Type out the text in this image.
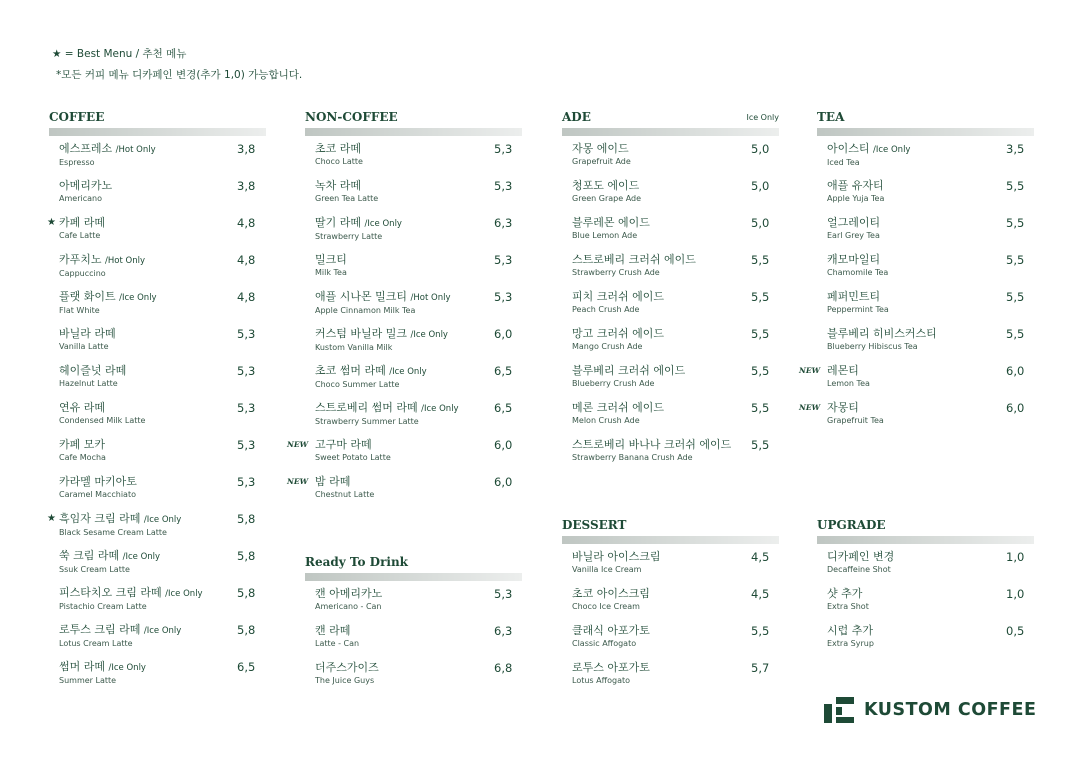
★ = Best Menu / 추천 메뉴
*모든 커피 메뉴 디카페인 변경(추가 1,0) 가능합니다.
COFFEE
에스프레소 /Hot Only
Espresso
3,8
아메리카노
Americano
3,8
★ 카페 라떼
Cafe Latte
4,8
카푸치노 /Hot Only
Cappuccino
4,8
플랫 화이트 /Ice Only
Flat White
4,8
바닐라 라떼
Vanilla Latte
5,3
헤이즐넛 라떼
Hazelnut Latte
5,3
연유 라떼
Condensed Milk Latte
5,3
카페 모카
Cafe Mocha
5,3
카라멜 마키아토
Caramel Macchiato
5,3
★ 흑임자 크림 라떼 /Ice Only
Black Sesame Cream Latte
5,8
쑥 크림 라떼 /Ice Only
Ssuk Cream Latte
5,8
피스타치오 크림 라떼 /Ice Only
Pistachio Cream Latte
5,8
로투스 크림 라떼 /Ice Only
Lotus Cream Latte
5,8
썸머 라떼 /Ice Only
Summer Latte
6,5
NON-COFFEE
초코 라떼
Choco Latte
5,3
녹차 라떼
Green Tea Latte
5,3
딸기 라떼 /Ice Only
Strawberry Latte
6,3
밀크티
Milk Tea
5,3
애플 시나몬 밀크티 /Hot Only
Apple Cinnamon Milk Tea
5,3
커스텀 바닐라 밀크 /Ice Only
Kustom Vanilla Milk
6,0
초코 썸머 라떼 /Ice Only
Choco Summer Latte
6,5
스트로베리 썸머 라떼 /Ice Only
Strawberry Summer Latte
6,5
NEW 고구마 라떼
Sweet Potato Latte
6,0
NEW 밤 라떼
Chestnut Latte
6,0
Ready To Drink
캔 아메리카노
Americano - Can
5,3
캔 라떼
Latte - Can
6,3
더주스가이즈
The Juice Guys
6,8
ADE	Ice Only
자몽 에이드
Grapefruit Ade
5,0
청포도 에이드
Green Grape Ade
5,0
블루레몬 에이드
Blue Lemon Ade
5,0
스트로베리 크러쉬 에이드
Strawberry Crush Ade
5,5
피치 크러쉬 에이드
Peach Crush Ade
5,5
망고 크러쉬 에이드
Mango Crush Ade
5,5
블루베리 크러쉬 에이드
Blueberry Crush Ade
5,5
메론 크러쉬 에이드
Melon Crush Ade
5,5
스트로베리 바나나 크러쉬 에이드
Strawberry Banana Crush Ade
5,5
DESSERT
바닐라 아이스크림
Vanilla Ice Cream
4,5
초코 아이스크림
Choco Ice Cream
4,5
클래식 아포가토
Classic Affogato
5,5
로투스 아포가토
Lotus Affogato
5,7
TEA
아이스티 /Ice Only
Iced Tea
3,5
애플 유자티
Apple Yuja Tea
5,5
얼그레이티
Earl Grey Tea
5,5
캐모마일티
Chamomile Tea
5,5
페퍼민트티
Peppermint Tea
5,5
블루베리 히비스커스티
Blueberry Hibiscus Tea
5,5
NEW 레몬티
Lemon Tea
6,0
NEW 자몽티
Grapefruit Tea
6,0
UPGRADE
디카페인 변경
Decaffeine Shot
1,0
샷 추가
Extra Shot
1,0
시럽 추가
Extra Syrup
0,5
KUSTOM COFFEE
